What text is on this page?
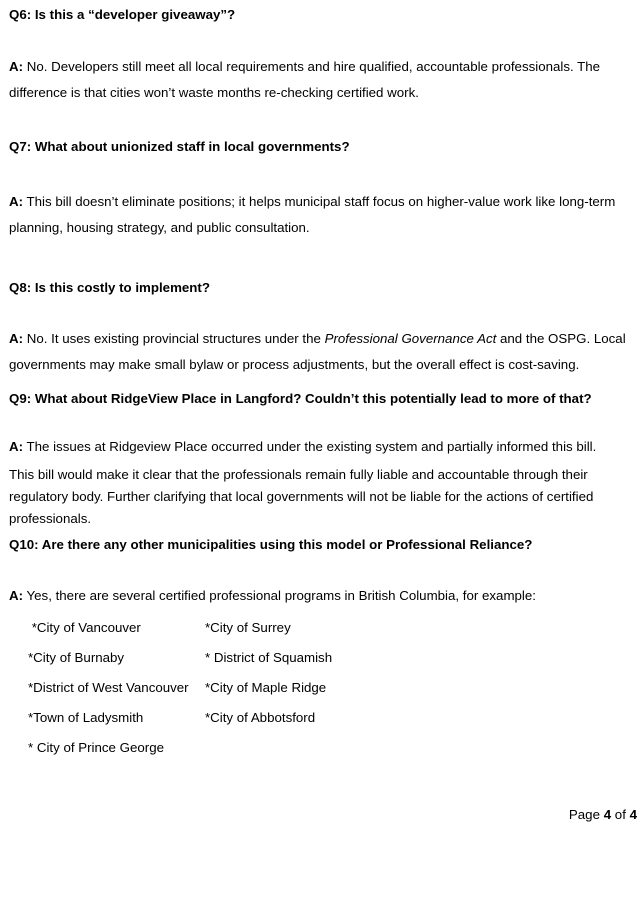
Q6: Is this a “developer giveaway”?

A: No. Developers still meet all local requirements and hire qualified, accountable professionals. The difference is that cities won’t waste months re-checking certified work.

Q7: What about unionized staff in local governments?

A: This bill doesn’t eliminate positions; it helps municipal staff focus on higher-value work like long-term planning, housing strategy, and public consultation.

Q8: Is this costly to implement?

A: No. It uses existing provincial structures under the Professional Governance Act and the OSPG. Local governments may make small bylaw or process adjustments, but the overall effect is cost-saving.

Q9: What about RidgeView Place in Langford? Couldn’t this potentially lead to more of that?

A: The issues at Ridgeview Place occurred under the existing system and partially informed this bill.

This bill would make it clear that the professionals remain fully liable and accountable through their regulatory body. Further clarifying that local governments will not be liable for the actions of certified professionals.

Q10: Are there any other municipalities using this model or Professional Reliance?

A: Yes, there are several certified professional programs in British Columbia, for example:

*City of Vancouver	*City of Surrey
*City of Burnaby	* District of Squamish
*District of West Vancouver	*City of Maple Ridge
*Town of Ladysmith	*City of Abbotsford
* City of Prince George
Page 4 of 4
